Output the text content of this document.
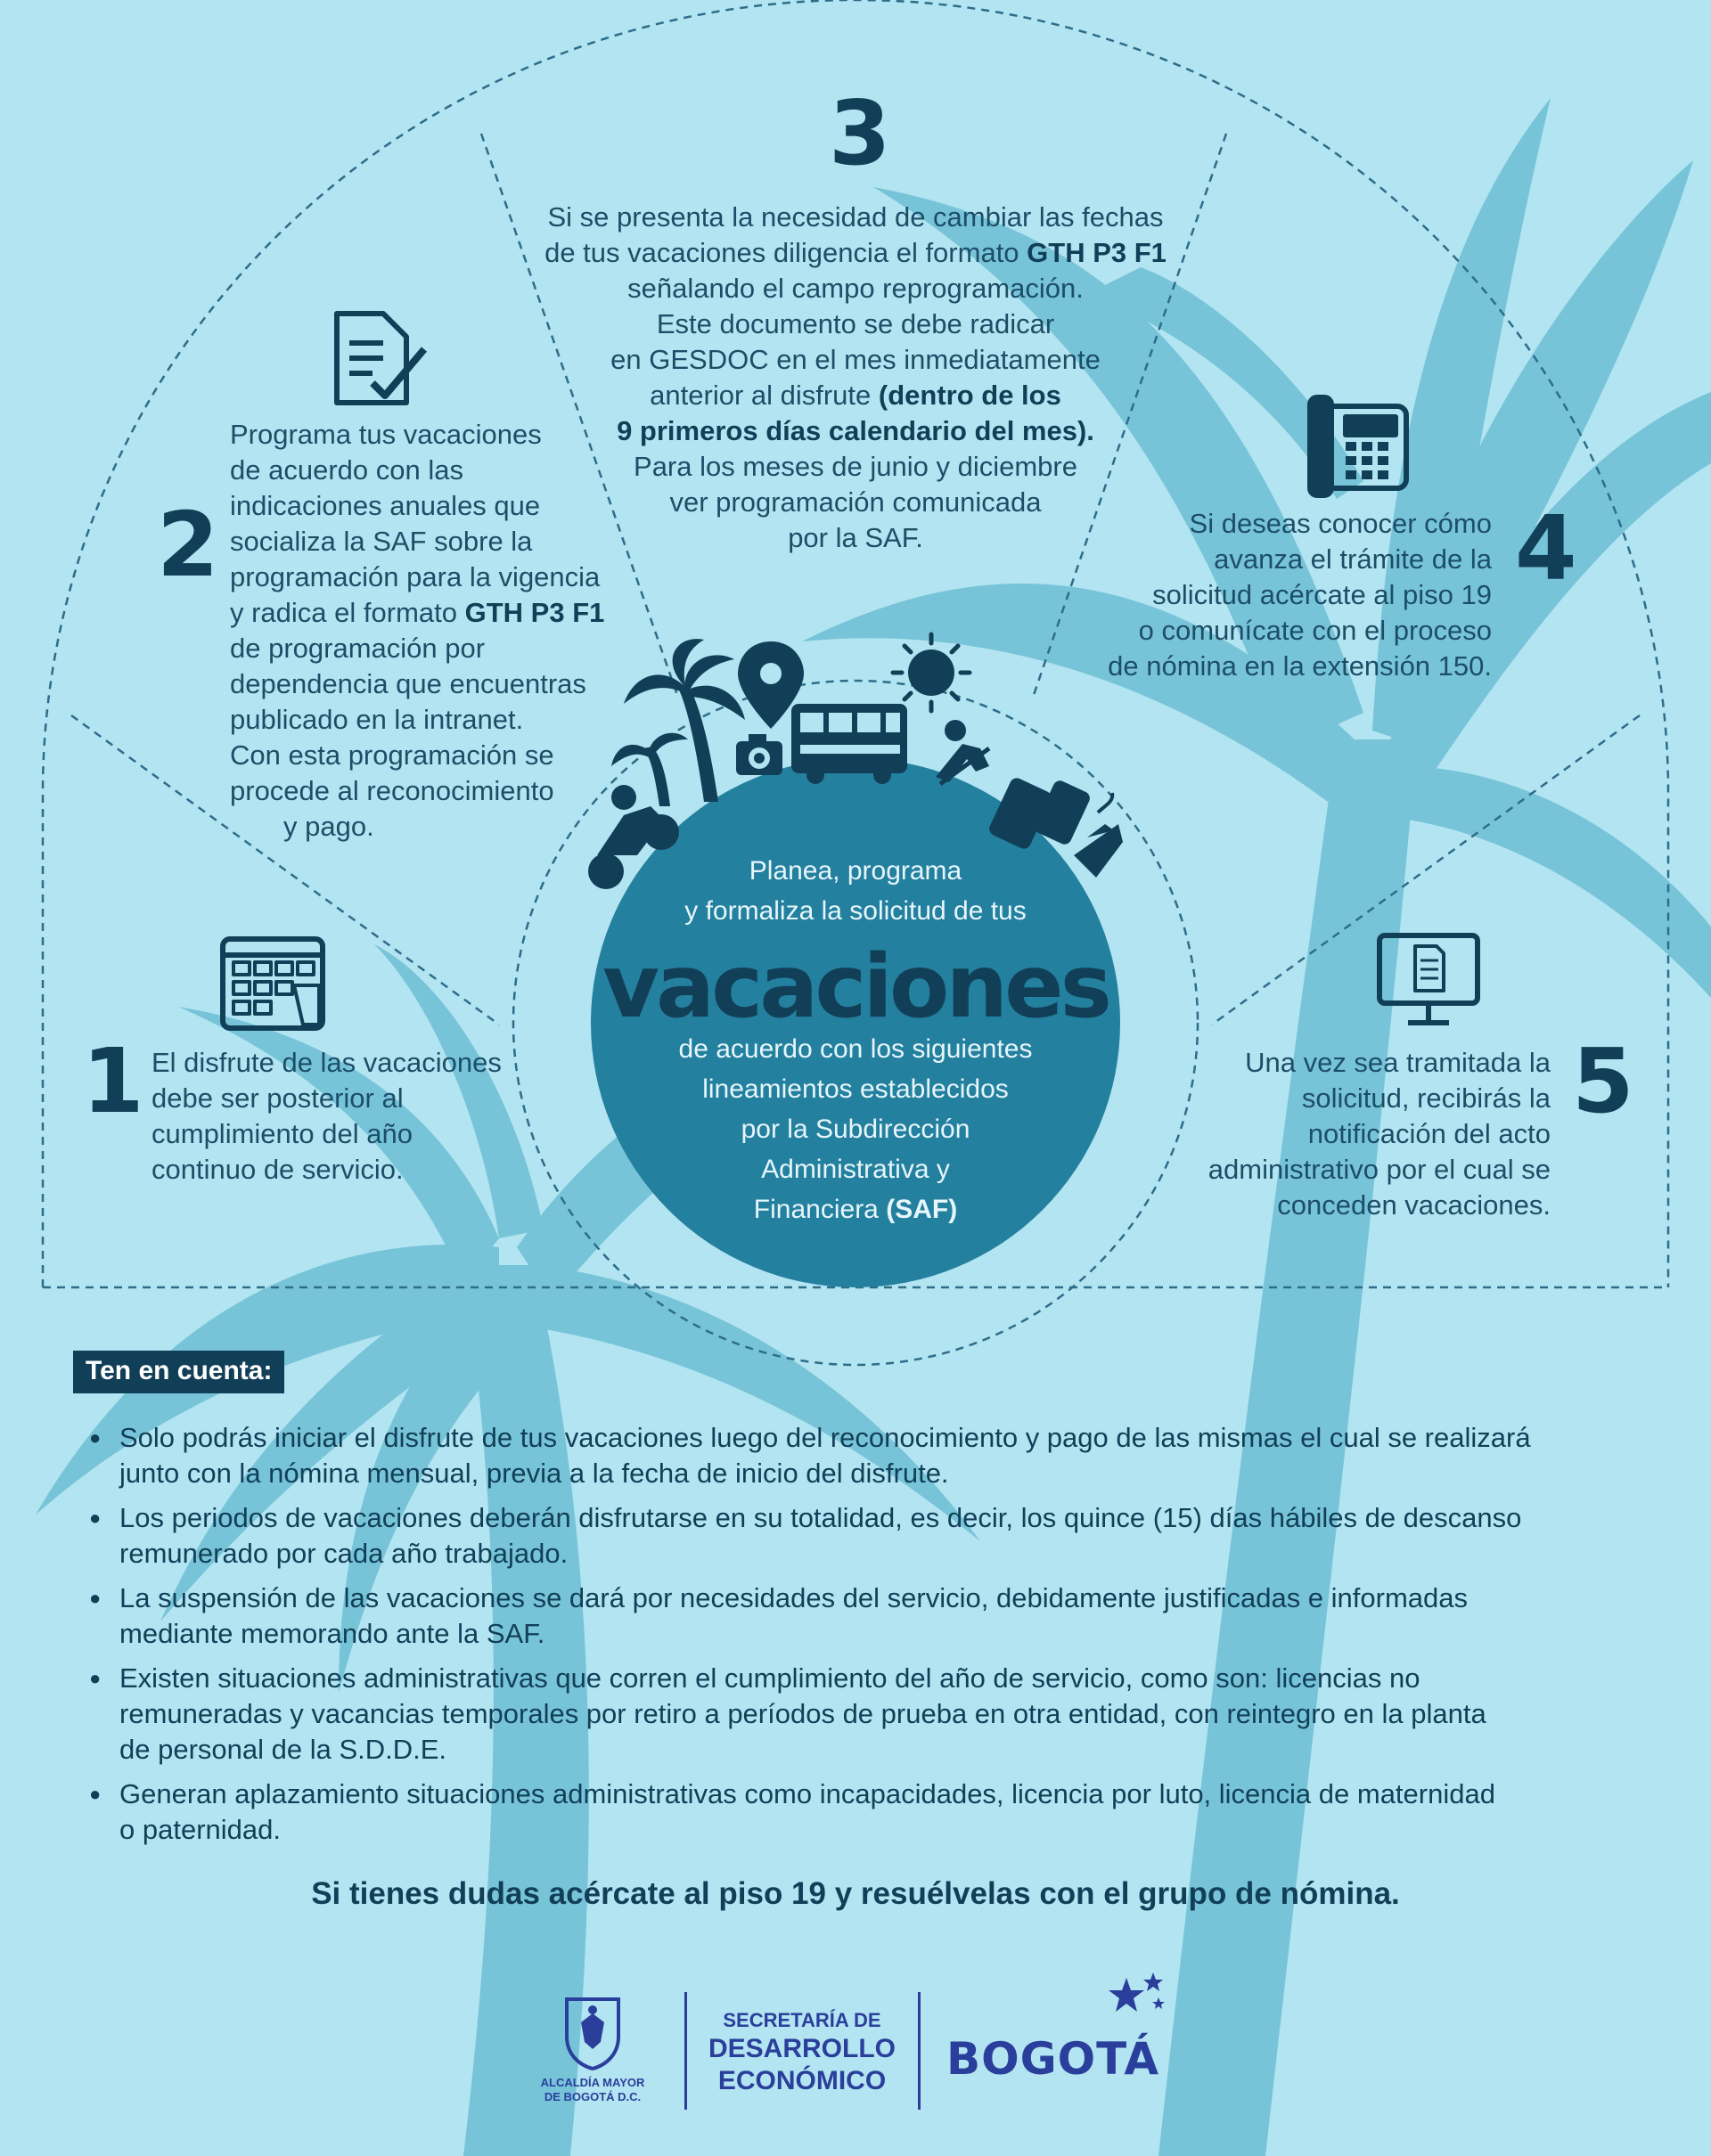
1
2
3
4
5
El disfrute de las vacaciones
debe ser posterior al
cumplimiento del año
continuo de servicio.
Programa tus vacaciones
de acuerdo con las
indicaciones anuales que
socializa la SAF sobre la
programación para la vigencia
y radica el formato GTH P3 F1
de programación por
dependencia que encuentras
publicado en la intranet.
Con esta programación se
procede al reconocimiento
y pago.
Si se presenta la necesidad de cambiar las fechas
de tus vacaciones diligencia el formato GTH P3 F1
señalando el campo reprogramación.
Este documento se debe radicar
en GESDOC en el mes inmediatamente
anterior al disfrute (dentro de los
9 primeros días calendario del mes).
Para los meses de junio y diciembre
ver programación comunicada
por la SAF.	Si deseas conocer cómo
avanza el trámite de la
solicitud acércate al piso 19
o comunícate con el proceso
de nómina en la extensión 150.
Una vez sea tramitada la
solicitud, recibirás la
notificación del acto
administrativo por el cual se
conceden vacaciones.
Planea, programa
y formaliza la solicitud de tus
vacaciones
de acuerdo con los siguientes
lineamientos establecidos
por la Subdirección
Administrativa y
Financiera (SAF)
Ten en cuenta:
● Solo podrás iniciar el disfrute de tus vacaciones luego del reconocimiento y pago de las mismas el cual se realizará
junto con la nómina mensual, previa a la fecha de inicio del disfrute.
● Los periodos de vacaciones deberán disfrutarse en su totalidad, es decir, los quince (15) días hábiles de descanso
remunerado por cada año trabajado.
● La suspensión de las vacaciones se dará por necesidades del servicio, debidamente justificadas e informadas
mediante memorando ante la SAF.
● Existen situaciones administrativas que corren el cumplimiento del año de servicio, como son: licencias no
remuneradas y vacancias temporales por retiro a períodos de prueba en otra entidad, con reintegro en la planta
de personal de la S.D.D.E.
● Generan aplazamiento situaciones administrativas como incapacidades, licencia por luto, licencia de maternidad
o paternidad.
Si tienes dudas acércate al piso 19 y resuélvelas con el grupo de nómina.
ALCALDÍA MAYOR
DE BOGOTÁ D.C.
SECRETARÍA DE
DESARROLLO
ECONÓMICO BOGOTÁ
